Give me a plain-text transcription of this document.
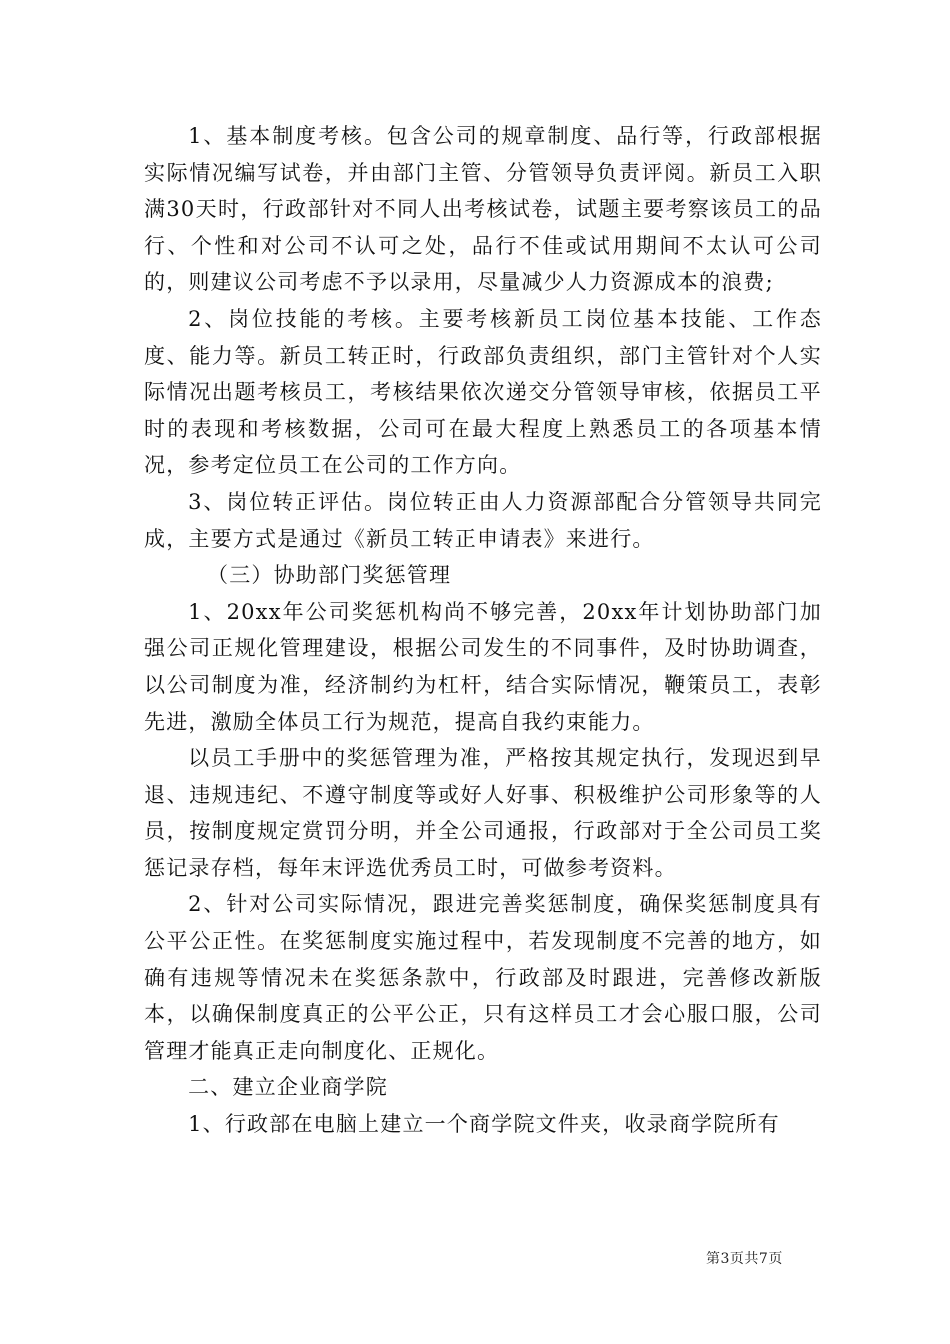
1、基本制度考核。包含公司的规章制度、品行等，行政部根据实际情况编写试卷，并由部门主管、分管领导负责评阅。新员工入职满30天时，行政部针对不同人出考核试卷，试题主要考察该员工的品行、个性和对公司不认可之处，品行不佳或试用期间不太认可公司的，则建议公司考虑不予以录用，尽量减少人力资源成本的浪费;

2、岗位技能的考核。主要考核新员工岗位基本技能、工作态度、能力等。新员工转正时，行政部负责组织，部门主管针对个人实际情况出题考核员工，考核结果依次递交分管领导审核，依据员工平时的表现和考核数据，公司可在最大程度上熟悉员工的各项基本情况，参考定位员工在公司的工作方向。

3、岗位转正评估。岗位转正由人力资源部配合分管领导共同完成，主要方式是通过《新员工转正申请表》来进行。

（三）协助部门奖惩管理

1、20xx年公司奖惩机构尚不够完善，20xx年计划协助部门加强公司正规化管理建设，根据公司发生的不同事件，及时协助调查，以公司制度为准，经济制约为杠杆，结合实际情况，鞭策员工，表彰先进，激励全体员工行为规范，提高自我约束能力。

以员工手册中的奖惩管理为准，严格按其规定执行，发现迟到早退、违规违纪、不遵守制度等或好人好事、积极维护公司形象等的人员，按制度规定赏罚分明，并全公司通报，行政部对于全公司员工奖惩记录存档，每年末评选优秀员工时，可做参考资料。

2、针对公司实际情况，跟进完善奖惩制度，确保奖惩制度具有公平公正性。在奖惩制度实施过程中，若发现制度不完善的地方，如确有违规等情况未在奖惩条款中，行政部及时跟进，完善修改新版本，以确保制度真正的公平公正，只有这样员工才会心服口服，公司管理才能真正走向制度化、正规化。

二、建立企业商学院

1、行政部在电脑上建立一个商学院文件夹，收录商学院所有

第3页共7页
